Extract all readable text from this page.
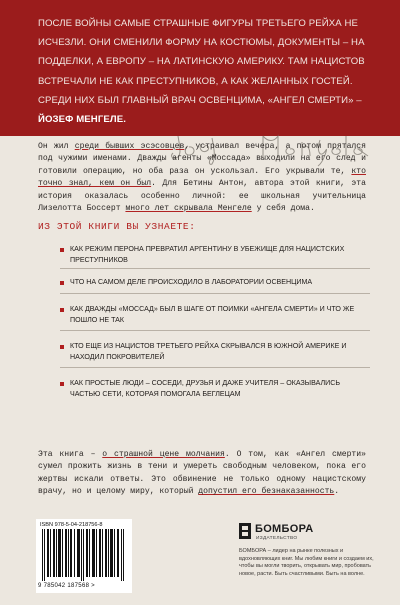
ПОСЛЕ ВОЙНЫ САМЫЕ СТРАШНЫЕ ФИГУРЫ ТРЕТЬЕГО РЕЙХА НЕ ИСЧЕЗЛИ. ОНИ СМЕНИЛИ ФОРМУ НА КОСТЮМЫ, ДОКУМЕНТЫ – НА ПОДДЕЛКИ, А ЕВРОПУ – НА ЛАТИНСКУЮ АМЕРИКУ. ТАМ НАЦИСТОВ ВСТРЕЧАЛИ НЕ КАК ПРЕСТУПНИКОВ, А КАК ЖЕЛАННЫХ ГОСТЕЙ. СРЕДИ НИХ БЫЛ ГЛАВНЫЙ ВРАЧ ОСВЕНЦИМА, «АНГЕЛ СМЕРТИ» – ЙОЗЕФ МЕНГЕЛЕ.
Он жил среди бывших эсэсовцев, устраивал вечера, а потом прятался под чужими именами. Дважды агенты «Моссада» выходили на его след и готовили операцию, но оба раза он ускользал. Его укрывали те, кто точно знал, кем он был. Для Бетины Антон, автора этой книги, эта история оказалась особенно личной: ее школьная учительница Лизелотта Боссерт много лет скрывала Менгеле у себя дома.
ИЗ ЭТОЙ КНИГИ ВЫ УЗНАЕТЕ:
КАК РЕЖИМ ПЕРОНА ПРЕВРАТИЛ АРГЕНТИНУ В УБЕЖИЩЕ ДЛЯ НАЦИСТСКИХ ПРЕСТУПНИКОВ
ЧТО НА САМОМ ДЕЛЕ ПРОИСХОДИЛО В ЛАБОРАТОРИИ ОСВЕНЦИМА
КАК ДВАЖДЫ «МОССАД» БЫЛ В ШАГЕ ОТ ПОИМКИ «АНГЕЛА СМЕРТИ» И ЧТО ЖЕ ПОШЛО НЕ ТАК
КТО ЕЩЕ ИЗ НАЦИСТОВ ТРЕТЬЕГО РЕЙХА СКРЫВАЛСЯ В ЮЖНОЙ АМЕРИКЕ И НАХОДИЛ ПОКРОВИТЕЛЕЙ
КАК ПРОСТЫЕ ЛЮДИ – СОСЕДИ, ДРУЗЬЯ И ДАЖЕ УЧИТЕЛЯ – ОКАЗЫВАЛИСЬ ЧАСТЬЮ СЕТИ, КОТОРАЯ ПОМОГАЛА БЕГЛЕЦАМ
Эта книга – о страшной цене молчания. О том, как «Ангел смерти» сумел прожить жизнь в тени и умереть свободным человеком, пока его жертвы искали ответы. Это обвинение не только одному нацистскому врачу, но и целому миру, который допустил его безнаказанность.
ISBN 978-5-04-218756-8
9 785042 187568 >
БОМБОРА
ИЗДАТЕЛЬСТВО
БОМБОРА – лидер на рынке полезных и вдохновляющих книг. Мы любим книги и создаем их, чтобы вы могли творить, открывать мир, пробовать новое, расти. Быть счастливыми. Быть на волне.
